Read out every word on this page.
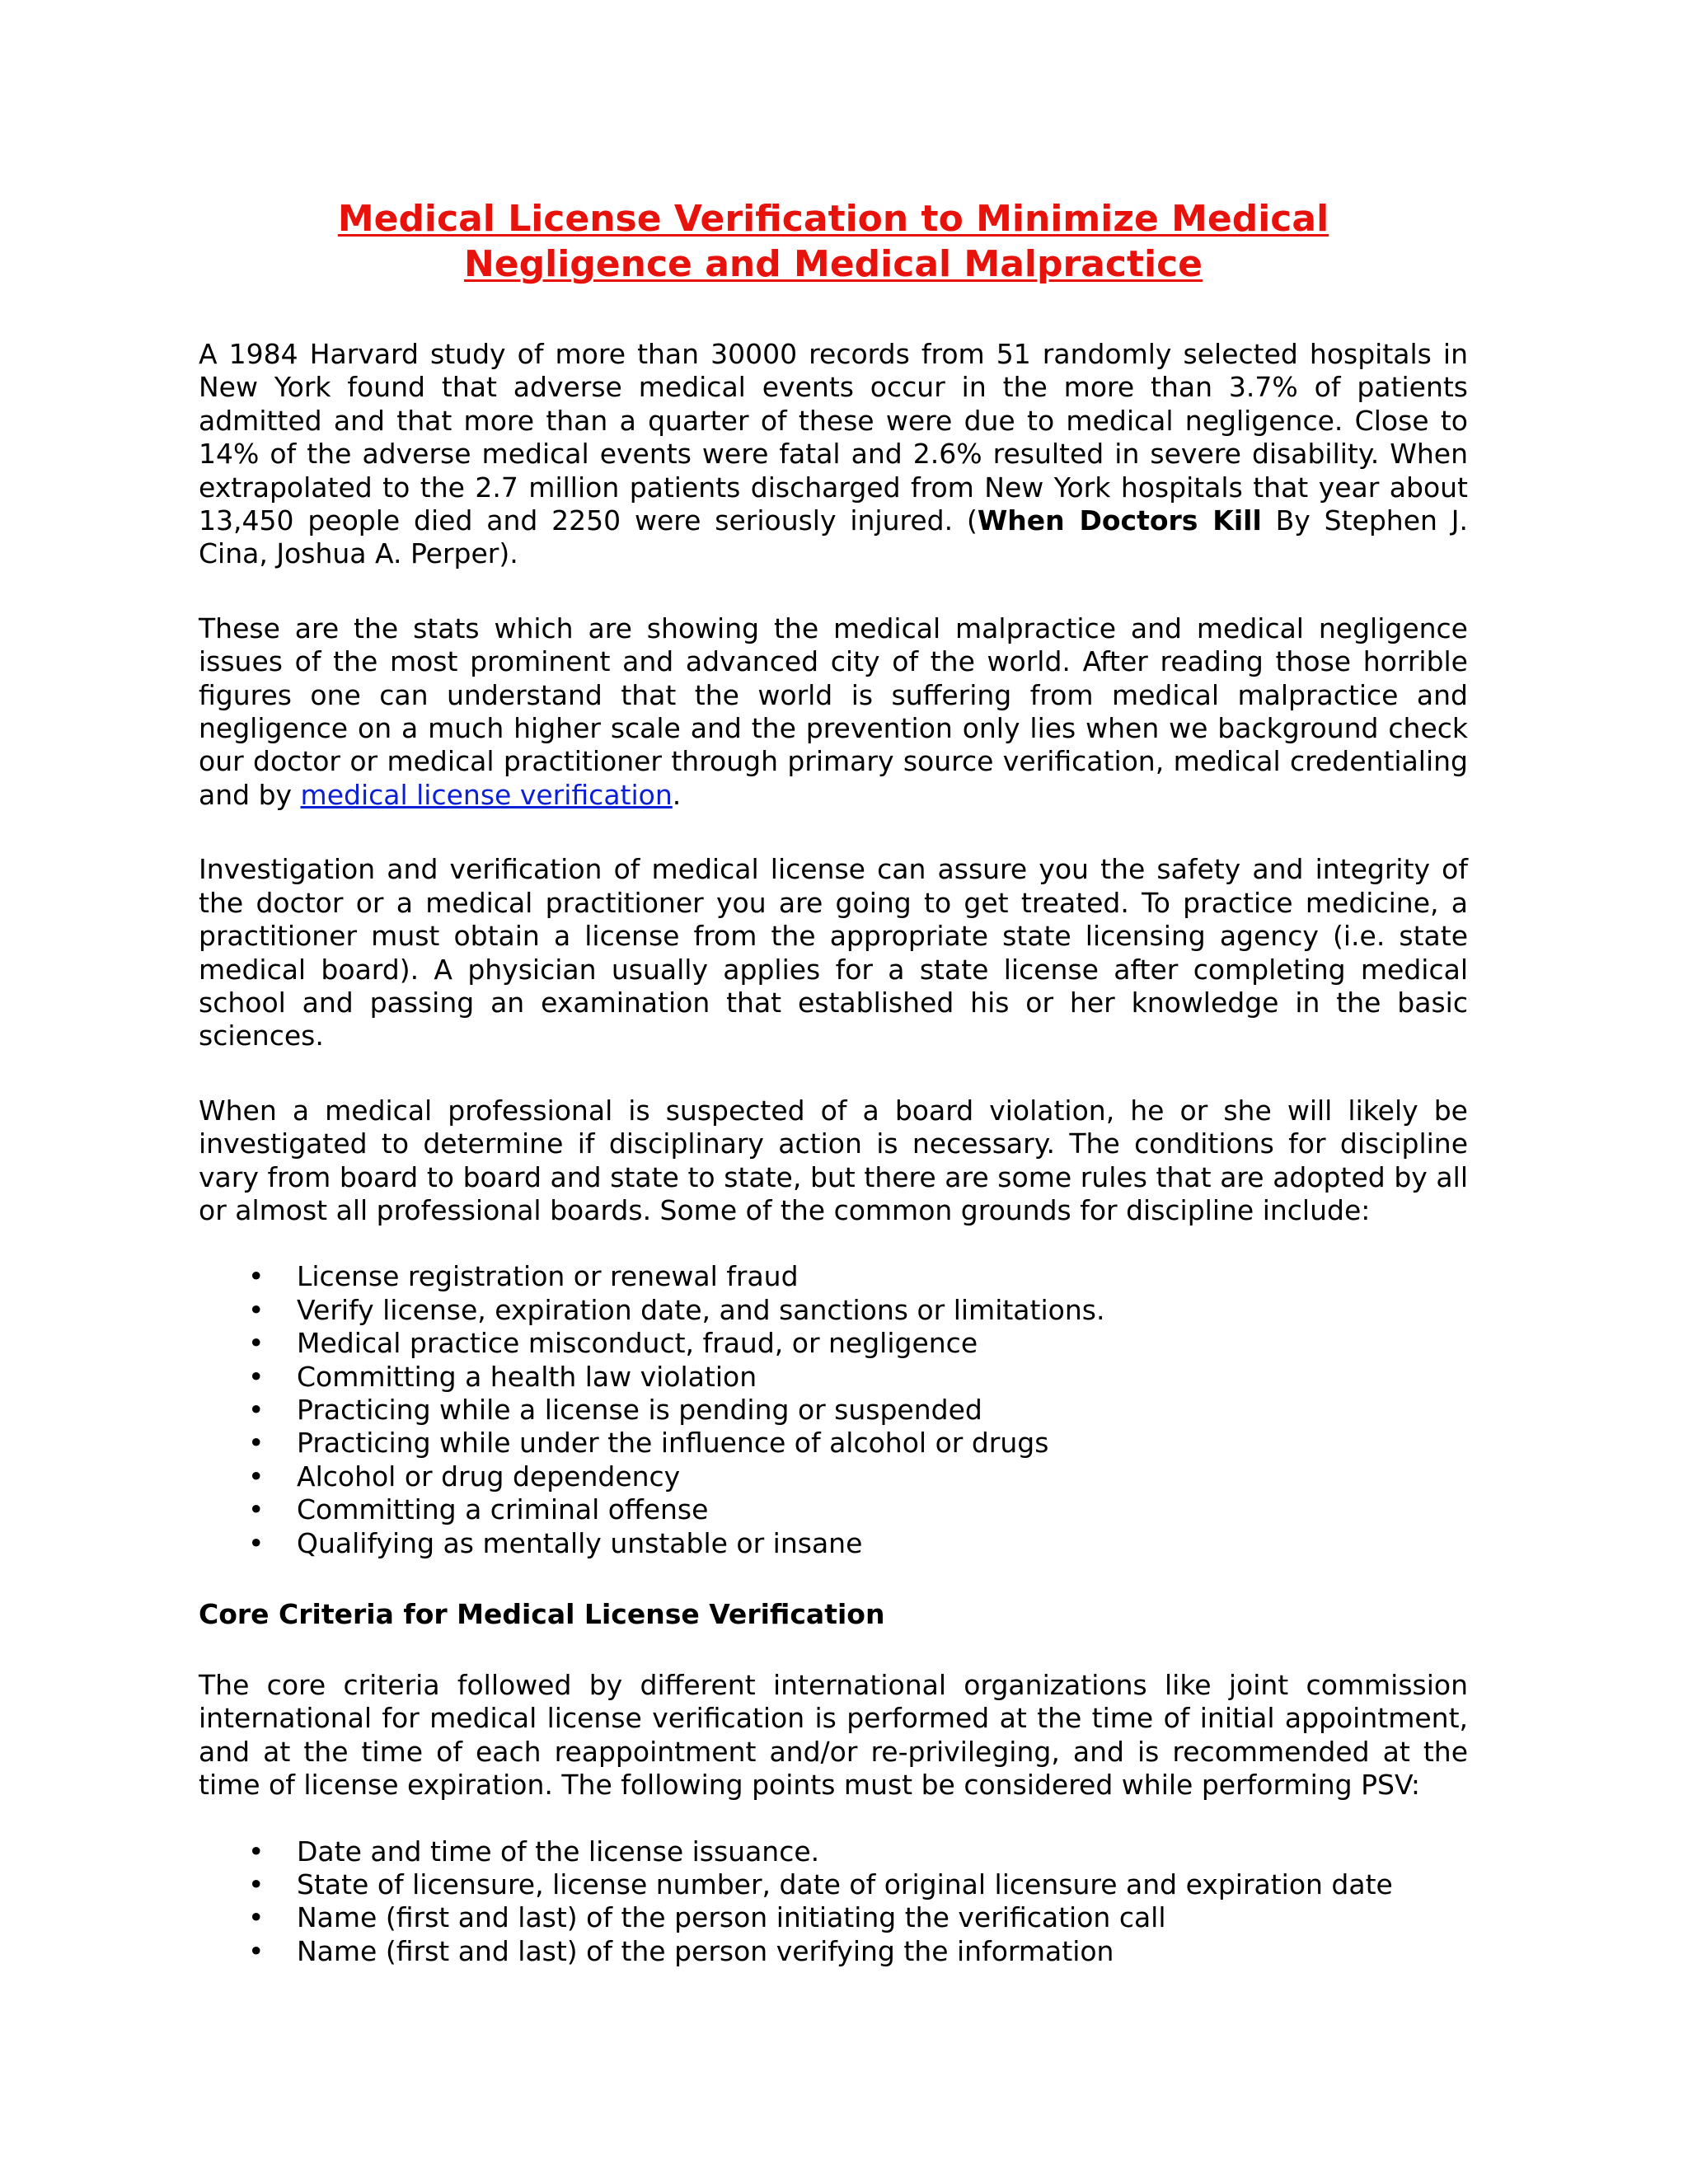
Medical License Verification to Minimize Medical
Negligence and Medical Malpractice

A 1984 Harvard study of more than 30000 records from 51 randomly selected hospitals in New York found that adverse medical events occur in the more than 3.7% of patients admitted and that more than a quarter of these were due to medical negligence. Close to 14% of the adverse medical events were fatal and 2.6% resulted in severe disability. When extrapolated to the 2.7 million patients discharged from New York hospitals that year about 13,450 people died and 2250 were seriously injured. (When Doctors Kill By Stephen J. Cina, Joshua A. Perper).

These are the stats which are showing the medical malpractice and medical negligence issues of the most prominent and advanced city of the world. After reading those horrible figures one can understand that the world is suffering from medical malpractice and negligence on a much higher scale and the prevention only lies when we background check our doctor or medical practitioner through primary source verification, medical credentialing and by medical license verification.

Investigation and verification of medical license can assure you the safety and integrity of the doctor or a medical practitioner you are going to get treated. To practice medicine, a practitioner must obtain a license from the appropriate state licensing agency (i.e. state medical board). A physician usually applies for a state license after completing medical school and passing an examination that established his or her knowledge in the basic sciences.

When a medical professional is suspected of a board violation, he or she will likely be investigated to determine if disciplinary action is necessary. The conditions for discipline vary from board to board and state to state, but there are some rules that are adopted by all or almost all professional boards. Some of the common grounds for discipline include:

• License registration or renewal fraud
• Verify license, expiration date, and sanctions or limitations.
• Medical practice misconduct, fraud, or negligence
• Committing a health law violation
• Practicing while a license is pending or suspended
• Practicing while under the influence of alcohol or drugs
• Alcohol or drug dependency
• Committing a criminal offense
• Qualifying as mentally unstable or insane
Core Criteria for Medical License Verification

The core criteria followed by different international organizations like joint commission international for medical license verification is performed at the time of initial appointment, and at the time of each reappointment and/or re-privileging, and is recommended at the time of license expiration. The following points must be considered while performing PSV:

• Date and time of the license issuance.
• State of licensure, license number, date of original licensure and expiration date
• Name (first and last) of the person initiating the verification call
• Name (first and last) of the person verifying the information
